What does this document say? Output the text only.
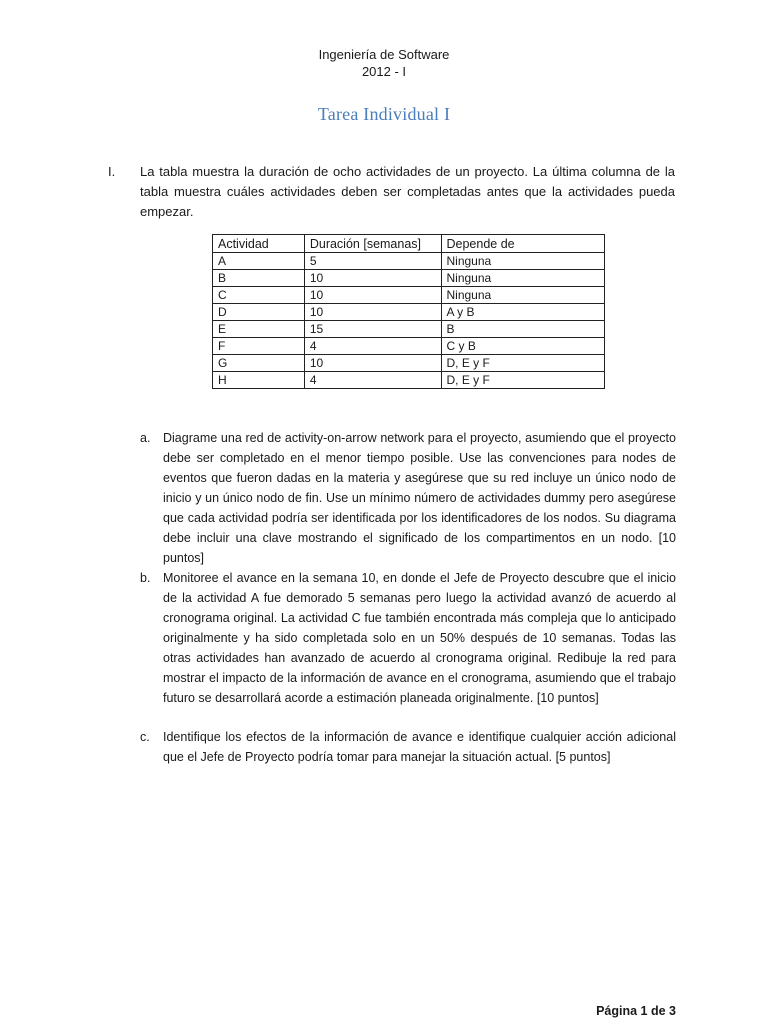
Ingeniería de Software
2012 - I
Tarea Individual I
I. La tabla muestra la duración de ocho actividades de un proyecto. La última columna de la tabla muestra cuáles actividades deben ser completadas antes que la actividades pueda empezar.

Actividad	Duración [semanas]	Depende de
A	5	Ninguna
B	10	Ninguna
C	10	Ninguna
D	10	A y B
E	15	B
F	4	C y B
G	10	D, E y F
H	4	D, E y F
a.	Diagrame una red de activity-on-arrow network para el proyecto, asumiendo que el proyecto debe ser completado en el menor tiempo posible. Use las convenciones para nodes de eventos que fueron dadas en la materia y asegúrese que su red incluye un único nodo de inicio y un único nodo de fin. Use un mínimo número de actividades dummy pero asegúrese que cada actividad podría ser identificada por los identificadores de los nodos. Su diagrama debe incluir una clave mostrando el significado de los compartimentos en un nodo. [10 puntos]

b.	Monitoree el avance en la semana 10, en donde el Jefe de Proyecto descubre que el inicio de la actividad A fue demorado 5 semanas pero luego la actividad avanzó de acuerdo al cronograma original. La actividad C fue también encontrada más compleja que lo anticipado originalmente y ha sido completada solo en un 50% después de 10 semanas. Todas las otras actividades han avanzado de acuerdo al cronograma original. Redibuje la red para mostrar el impacto de la información de avance en el cronograma, asumiendo que el trabajo futuro se desarrollará acorde a estimación planeada originalmente. [10 puntos]

c.	Identifique los efectos de la información de avance e identifique cualquier acción adicional que el Jefe de Proyecto podría tomar para manejar la situación actual. [5 puntos]

Página 1 de 3
